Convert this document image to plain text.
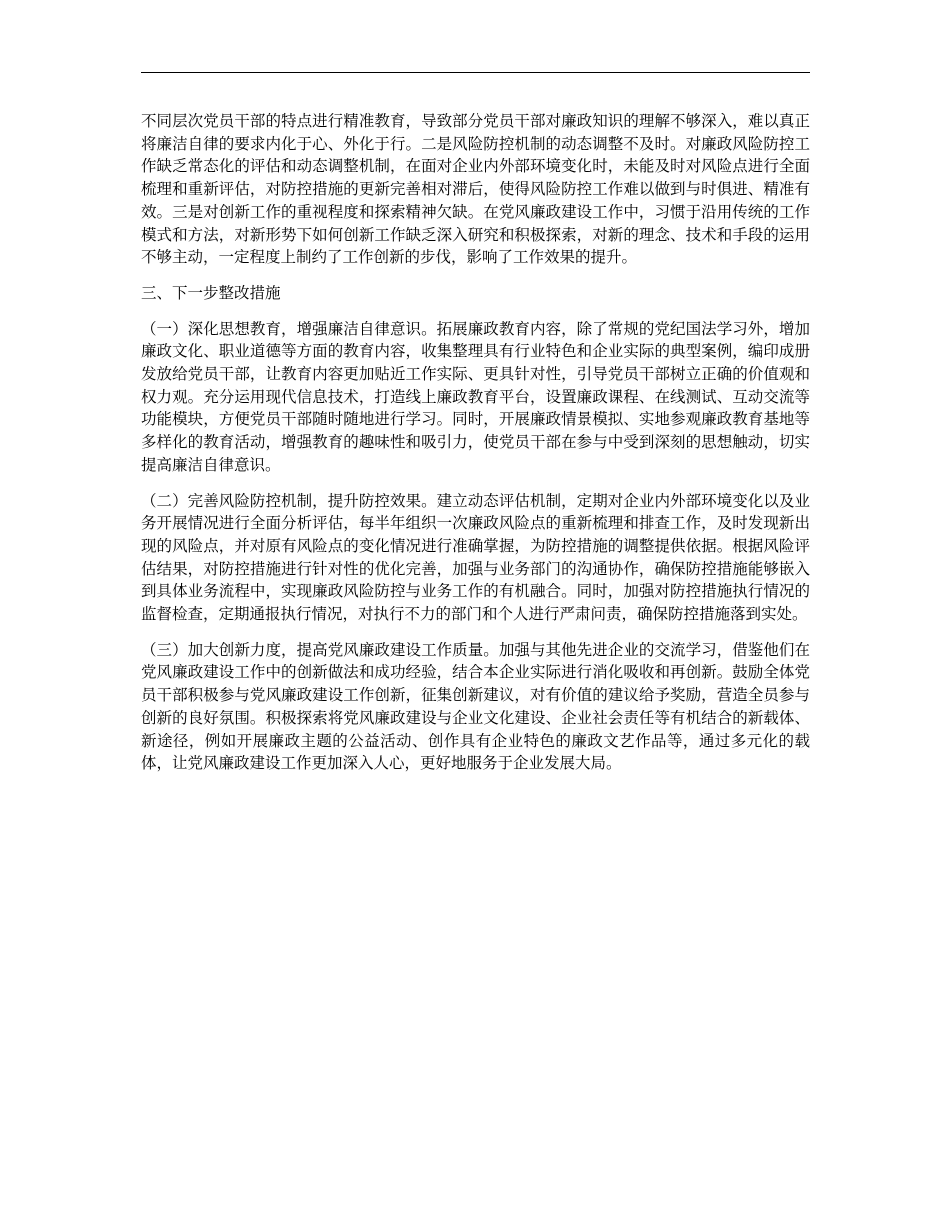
不同层次党员干部的特点进行精准教育，导致部分党员干部对廉政知识的理解不够深入，难以真正将廉洁自律的要求内化于心、外化于行。二是风险防控机制的动态调整不及时。对廉政风险防控工作缺乏常态化的评估和动态调整机制，在面对企业内外部环境变化时，未能及时对风险点进行全面梳理和重新评估，对防控措施的更新完善相对滞后，使得风险防控工作难以做到与时俱进、精准有效。三是对创新工作的重视程度和探索精神欠缺。在党风廉政建设工作中，习惯于沿用传统的工作模式和方法，对新形势下如何创新工作缺乏深入研究和积极探索，对新的理念、技术和手段的运用不够主动，一定程度上制约了工作创新的步伐，影响了工作效果的提升。

三、下一步整改措施

（一）深化思想教育，增强廉洁自律意识。拓展廉政教育内容，除了常规的党纪国法学习外，增加廉政文化、职业道德等方面的教育内容，收集整理具有行业特色和企业实际的典型案例，编印成册发放给党员干部，让教育内容更加贴近工作实际、更具针对性，引导党员干部树立正确的价值观和权力观。充分运用现代信息技术，打造线上廉政教育平台，设置廉政课程、在线测试、互动交流等功能模块，方便党员干部随时随地进行学习。同时，开展廉政情景模拟、实地参观廉政教育基地等多样化的教育活动，增强教育的趣味性和吸引力，使党员干部在参与中受到深刻的思想触动，切实提高廉洁自律意识。

（二）完善风险防控机制，提升防控效果。建立动态评估机制，定期对企业内外部环境变化以及业务开展情况进行全面分析评估，每半年组织一次廉政风险点的重新梳理和排查工作，及时发现新出现的风险点，并对原有风险点的变化情况进行准确掌握，为防控措施的调整提供依据。根据风险评估结果，对防控措施进行针对性的优化完善，加强与业务部门的沟通协作，确保防控措施能够嵌入到具体业务流程中，实现廉政风险防控与业务工作的有机融合。同时，加强对防控措施执行情况的监督检查，定期通报执行情况，对执行不力的部门和个人进行严肃问责，确保防控措施落到实处。

（三）加大创新力度，提高党风廉政建设工作质量。加强与其他先进企业的交流学习，借鉴他们在党风廉政建设工作中的创新做法和成功经验，结合本企业实际进行消化吸收和再创新。鼓励全体党员干部积极参与党风廉政建设工作创新，征集创新建议，对有价值的建议给予奖励，营造全员参与创新的良好氛围。积极探索将党风廉政建设与企业文化建设、企业社会责任等有机结合的新载体、新途径，例如开展廉政主题的公益活动、创作具有企业特色的廉政文艺作品等，通过多元化的载体，让党风廉政建设工作更加深入人心，更好地服务于企业发展大局。
